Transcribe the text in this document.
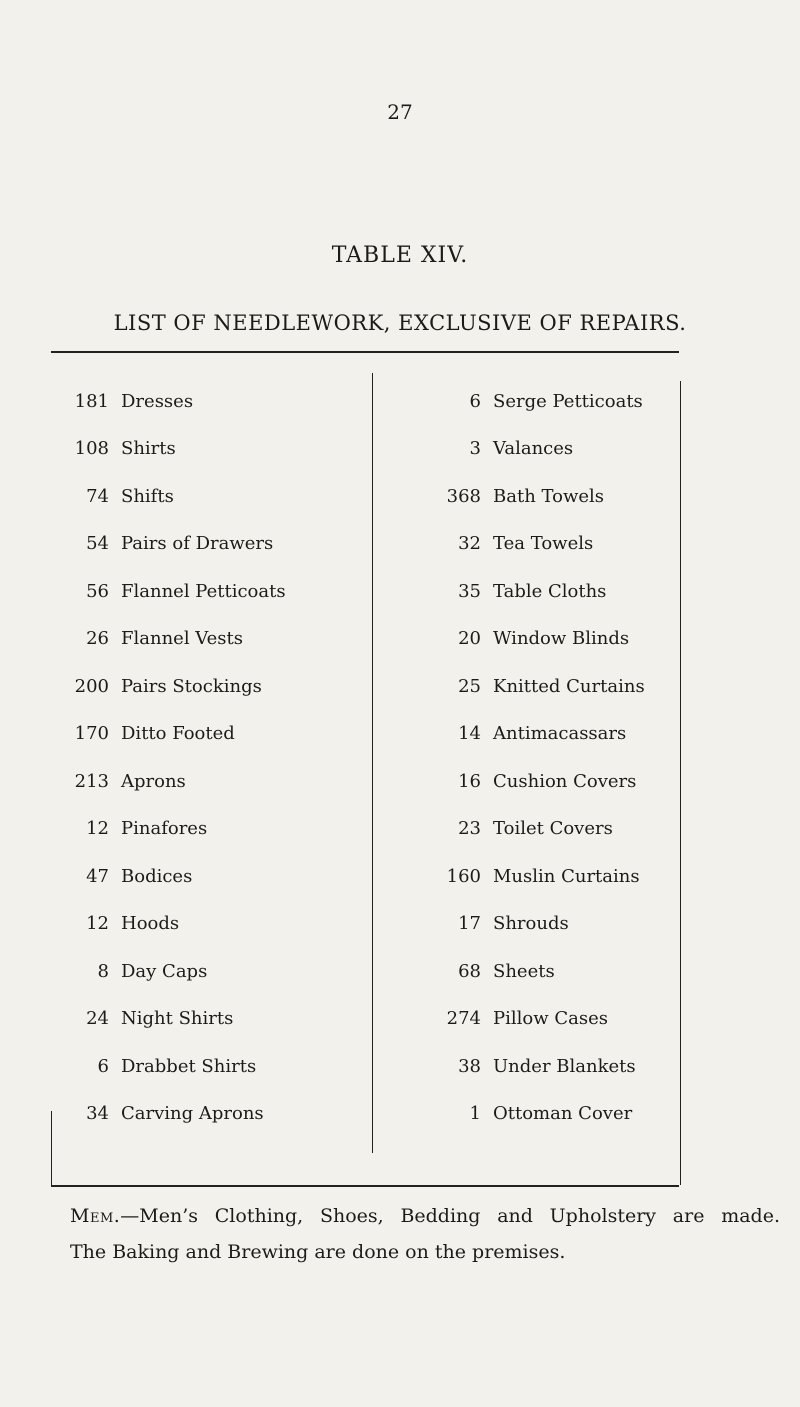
27
TABLE XIV.
LIST OF NEEDLEWORK, EXCLUSIVE OF REPAIRS.
181 Dresses	6 Serge Petticoats
108 Shirts	3 Valances
74 Shifts	368 Bath Towels
54 Pairs of Drawers	32 Tea Towels
56 Flannel Petticoats	35 Table Cloths
26 Flannel Vests	20 Window Blinds
200 Pairs Stockings	25 Knitted Curtains
170 Ditto Footed	14 Antimacassars
213 Aprons	16 Cushion Covers
12 Pinafores	23 Toilet Covers
47 Bodices	160 Muslin Curtains
12 Hoods	17 Shrouds
8 Day Caps	68 Sheets
24 Night Shirts	274 Pillow Cases
6 Drabbet Shirts	38 Under Blankets
34 Carving Aprons	1 Ottoman Cover
Mem.—Men’s Clothing, Shoes, Bedding and Upholstery are made.
The Baking and Brewing are done on the premises.
